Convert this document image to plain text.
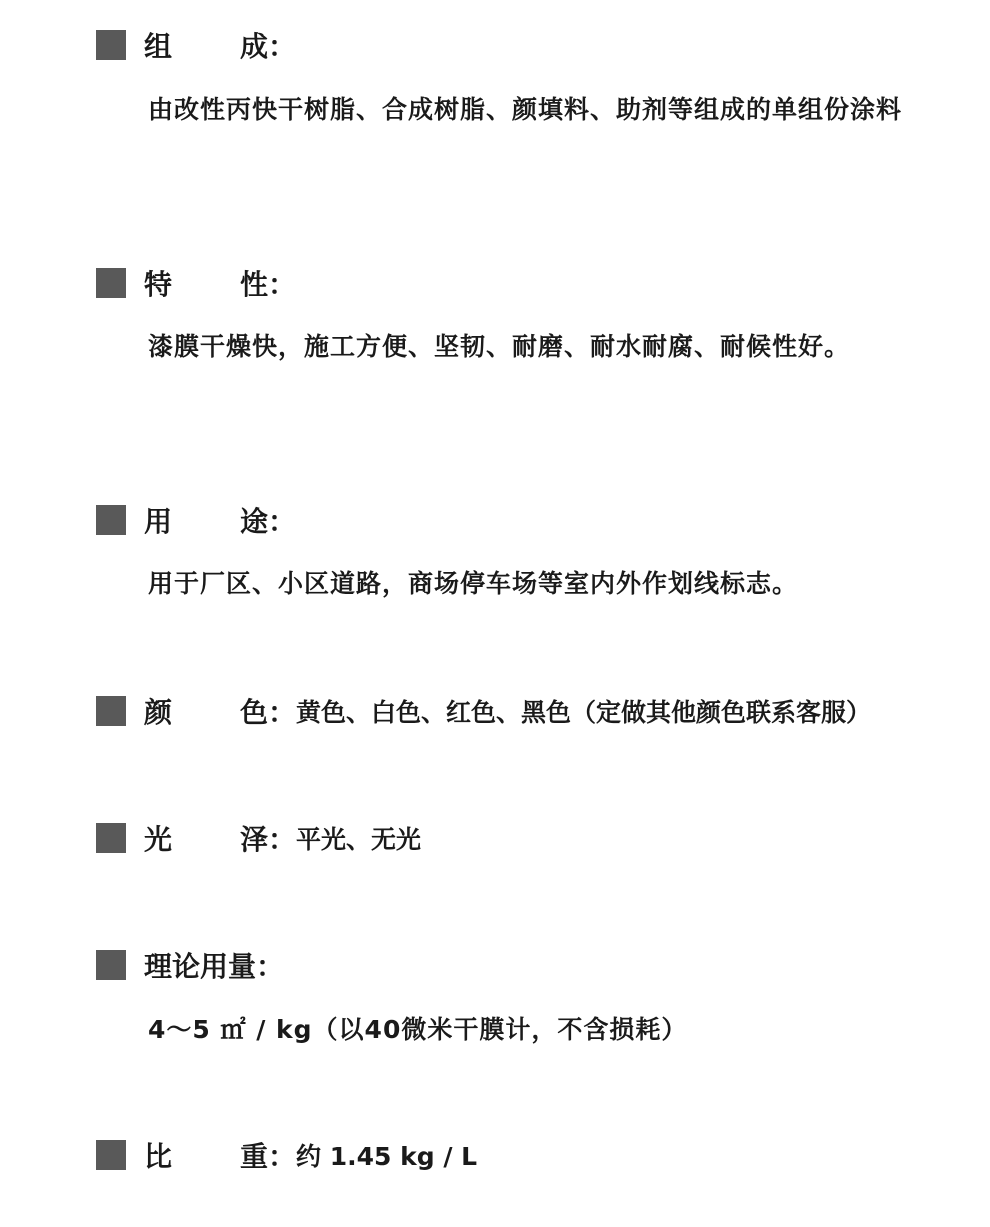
组 成：
由改性丙快干树脂、合成树脂、颜填料、助剂等组成的单组份涂料
特 性：
漆膜干燥快，施工方便、坚韧、耐磨、耐水耐腐、耐候性好。
用 途：
用于厂区、小区道路，商场停车场等室内外作划线标志。
颜 色： 黄色、白色、红色、黑色（定做其他颜色联系客服）
光 泽： 平光、无光
理论用量：
4～5 ㎡ / kg（以40微米干膜计，不含损耗）
比 重： 约 1.45 kg / L
